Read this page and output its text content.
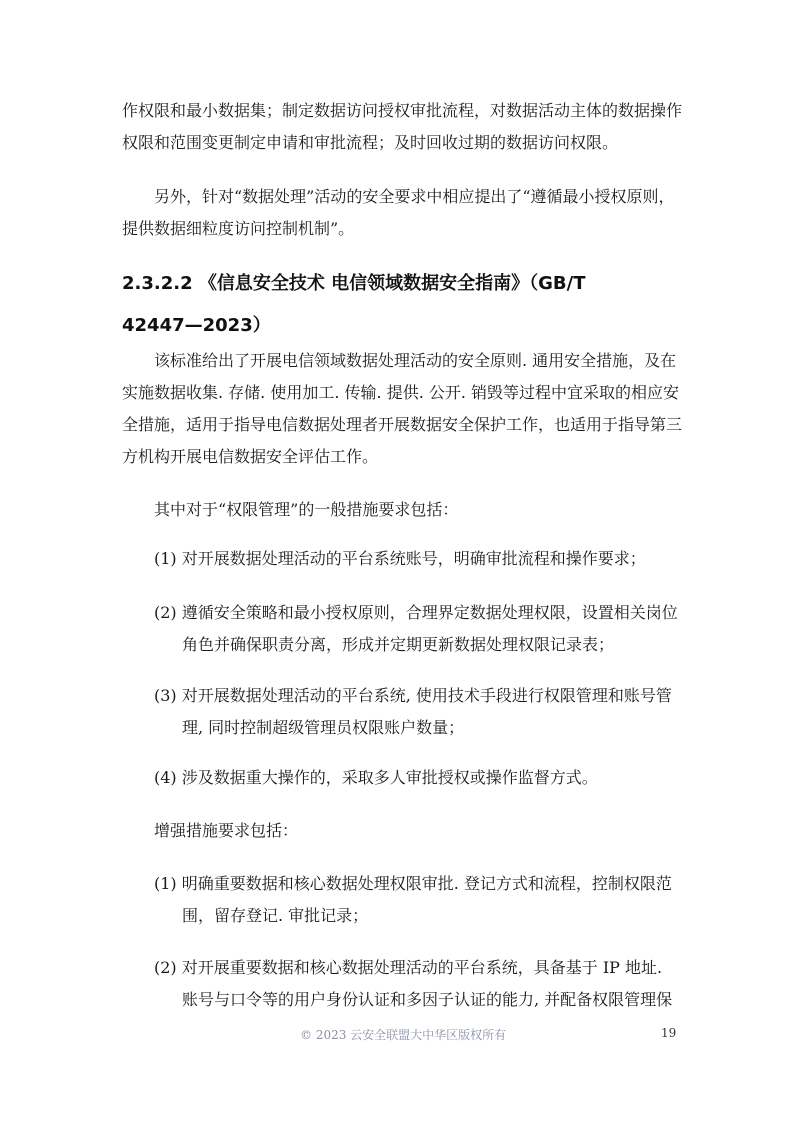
作权限和最小数据集；制定数据访问授权审批流程，对数据活动主体的数据操作
权限和范围变更制定申请和审批流程；及时回收过期的数据访问权限。
另外，针对“数据处理”活动的安全要求中相应提出了“遵循最小授权原则，
提供数据细粒度访问控制机制”。
2.3.2.2 《信息安全技术 电信领域数据安全指南》（GB/T
42447—2023）
该标准给出了开展电信领域数据处理活动的安全原则. 通用安全措施，及在
实施数据收集. 存储. 使用加工. 传输. 提供. 公开. 销毁等过程中宜采取的相应安
全措施，适用于指导电信数据处理者开展数据安全保护工作，也适用于指导第三
方机构开展电信数据安全评估工作。
其中对于“权限管理”的一般措施要求包括：
(1) 对开展数据处理活动的平台系统账号，明确审批流程和操作要求；
(2) 遵循安全策略和最小授权原则，合理界定数据处理权限，设置相关岗位
角色并确保职责分离，形成并定期更新数据处理权限记录表；
(3) 对开展数据处理活动的平台系统, 使用技术手段进行权限管理和账号管
理, 同时控制超级管理员权限账户数量；
(4) 涉及数据重大操作的，采取多人审批授权或操作监督方式。
增强措施要求包括：
(1) 明确重要数据和核心数据处理权限审批. 登记方式和流程，控制权限范
围，留存登记. 审批记录；
(2) 对开展重要数据和核心数据处理活动的平台系统，具备基于 IP 地址.
账号与口令等的用户身份认证和多因子认证的能力, 并配备权限管理保
© 2023 云安全联盟大中华区版权所有	19
